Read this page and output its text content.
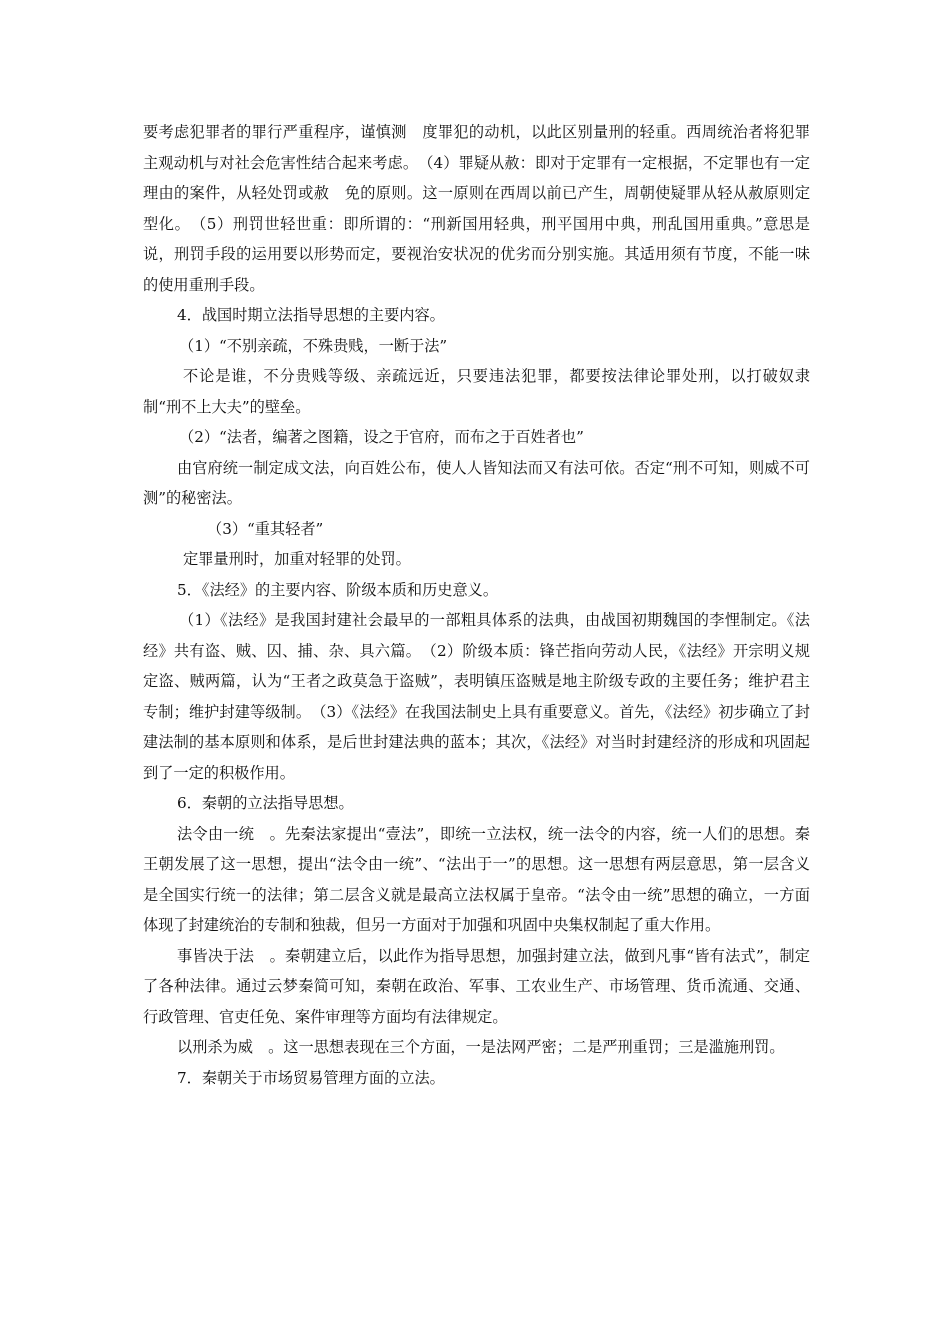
要考虑犯罪者的罪行严重程序，谨慎测　度罪犯的动机，以此区别量刑的轻重。西周统治者将犯罪主观动机与对社会危害性结合起来考虑。　（4）罪疑从赦：即对于定罪有一定根据，不定罪也有一定理由的案件，从轻处罚或赦　免的原则。这一原则在西周以前已产生，周朝使疑罪从轻从赦原则定型化。　（5）刑罚世轻世重：即所谓的：“刑新国用轻典，刑平国用中典，刑乱国用重典。”意思是说，刑罚手段的运用要以形势而定，要视治安状况的优劣而分别实施。其适用须有节度，不能一味的使用重刑手段。

4．战国时期立法指导思想的主要内容。

（1）“不别亲疏，不殊贵贱，一断于法”

不论是谁，不分贵贱等级、亲疏远近，只要违法犯罪，都要按法律论罪处刑，以打破奴隶制“刑不上大夫”的壁垒。

（2）“法者，编著之图籍，设之于官府，而布之于百姓者也”

由官府统一制定成文法，向百姓公布，使人人皆知法而又有法可依。否定“刑不可知，则威不可测”的秘密法。

（3）“重其轻者”

定罪量刑时，加重对轻罪的处罚。

5．《法经》的主要内容、阶级本质和历史意义。

（1）《法经》是我国封建社会最早的一部粗具体系的法典，由战国初期魏国的李悝制定。《法经》共有盗、贼、囚、捕、杂、具六篇。　（2）阶级本质：锋芒指向劳动人民，《法经》开宗明义规定盗、贼两篇，认为“王者之政莫急于盗贼”，表明镇压盗贼是地主阶级专政的主要任务；维护君主专制；维护封建等级制。　（3）《法经》在我国法制史上具有重要意义。首先，《法经》初步确立了封建法制的基本原则和体系，是后世封建法典的蓝本；其次，《法经》对当时封建经济的形成和巩固起到了一定的积极作用。

6．秦朝的立法指导思想。

法令由一统　。先秦法家提出“壹法”，即统一立法权，统一法令的内容，统一人们的思想。秦王朝发展了这一思想，提出“法令由一统”、“法出于一”的思想。这一思想有两层意思，第一层含义是全国实行统一的法律；第二层含义就是最高立法权属于皇帝。“法令由一统”思想的确立，一方面体现了封建统治的专制和独裁，但另一方面对于加强和巩固中央集权制起了重大作用。

事皆决于法　。秦朝建立后，以此作为指导思想，加强封建立法，做到凡事“皆有法式”，制定了各种法律。通过云梦秦简可知，秦朝在政治、军事、工农业生产、市场管理、货币流通、交通、行政管理、官吏任免、案件审理等方面均有法律规定。

以刑杀为威　。这一思想表现在三个方面，一是法网严密；二是严刑重罚；三是滥施刑罚。

7．秦朝关于市场贸易管理方面的立法。
